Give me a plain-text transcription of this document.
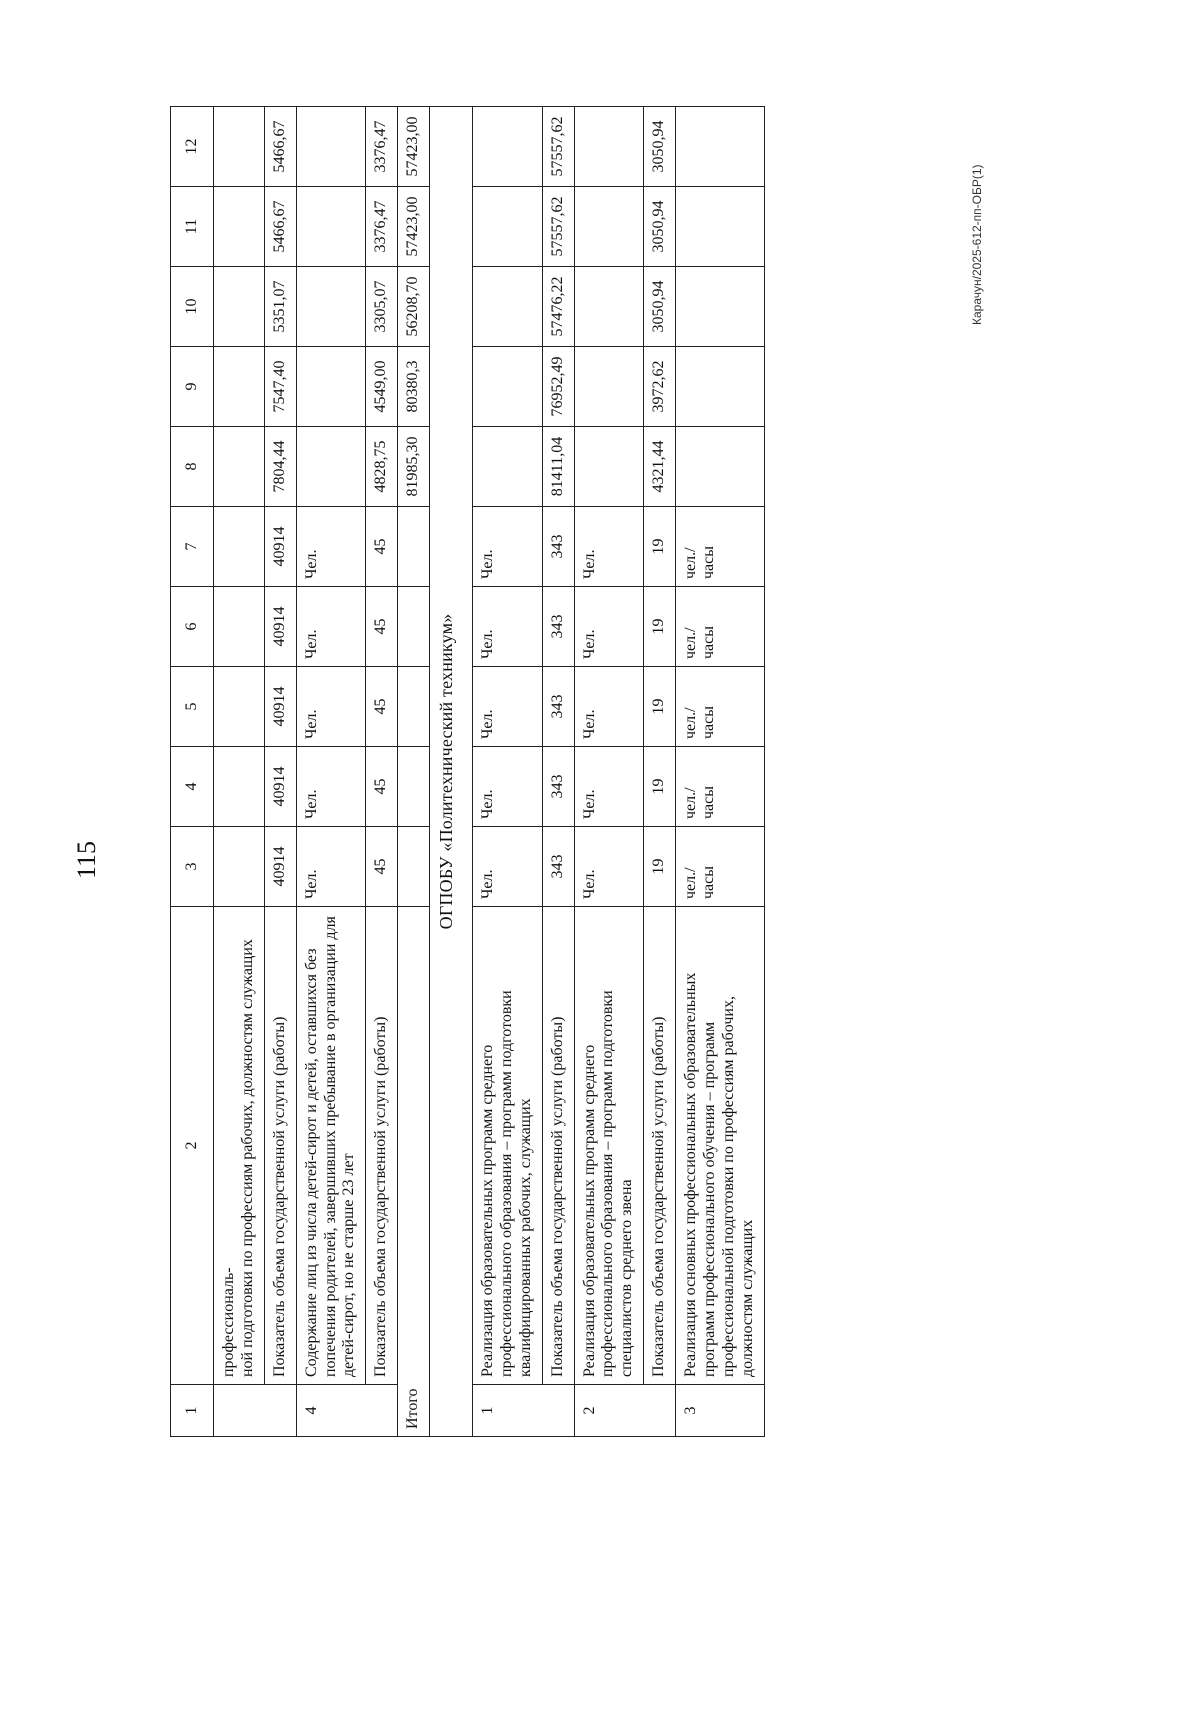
115
Карачун/2025-612-пп-ОБР(1)
1	2	3	4	5	6	7	8	9	10	11	12
	профессиональ-
ной подготовки по профессиям рабочих, должностям служащих										
	Показатель объема государственной услуги (работы)	40914	40914	40914	40914	40914	7804,44	7547,40	5351,07	5466,67	5466,67
4	Содержание лиц из числа детей-сирот и детей, оставшихся без попечения родителей, завершивших пребывание в организации для детей-сирот, но не старше 23 лет	Чел.	Чел.	Чел.	Чел.	Чел.					
	Показатель объема государственной услуги (работы)	45	45	45	45	45	4828,75	4549,00	3305,07	3376,47	3376,47
Итого							81985,30	80380,3	56208,70	57423,00	57423,00
ОГПОБУ «Политехнический техникум»											
1	Реализация образовательных программ среднего профессионального образования – программ подготовки квалифицированных рабочих, служащих	Чел.	Чел.	Чел.	Чел.	Чел.					
	Показатель объема государственной услуги (работы)	343	343	343	343	343	81411,04	76952,49	57476,22	57557,62	57557,62
2	Реализация образовательных программ среднего профессионального образования – программ подготовки специалистов среднего звена	Чел.	Чел.	Чел.	Чел.	Чел.					
	Показатель объема государственной услуги (работы)	19	19	19	19	19	4321,44	3972,62	3050,94	3050,94	3050,94
3	Реализация основных профессиональных образовательных программ профессионального обучения – программ профессиональной подготовки по профессиям рабочих, должностям служащих	чел./ часы	чел./ часы	чел./ часы	чел./ часы	чел./ часы					
